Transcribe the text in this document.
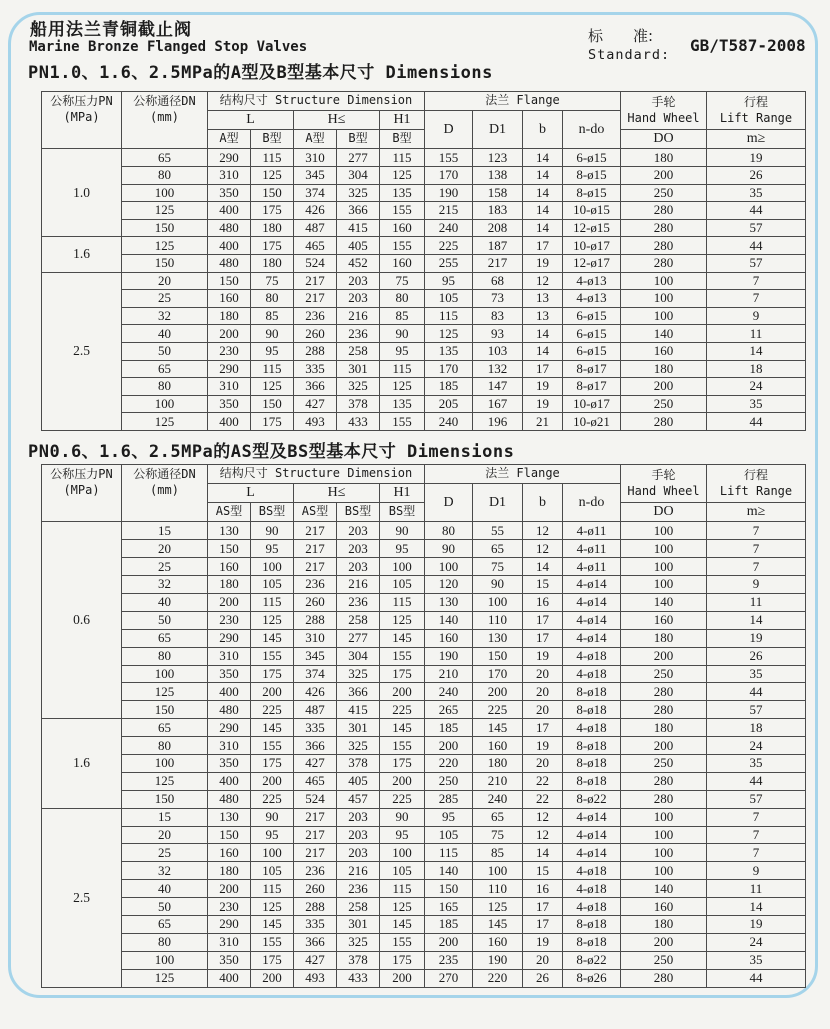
船用法兰青铜截止阀
Marine Bronze Flanged Stop Valves
标　　准:
Standard: GB/T587-2008
PN1.0、1.6、2.5MPa的A型及B型基本尺寸 Dimensions
公称压力PN
(MPa)

公称通径DN
(mm)
	结构尺寸 Structure Dimension	法兰 Flange	手轮
Hand Wheel

行程
Lift Range

		L		H≤		H1	D	D1	b	n-do		
		A型	B型	A型	B型	B型					DO	m≥
1.0	65	290	115	310	277	115	155	123	14	6-ø15	180	19
	80	310	125	345	304	125	170	138	14	8-ø15	200	26
	100	350	150	374	325	135	190	158	14	8-ø15	250	35
	125	400	175	426	366	155	215	183	14	10-ø15	280	44
	150	480	180	487	415	160	240	208	14	12-ø15	280	57
1.6	125	400	175	465	405	155	225	187	17	10-ø17	280	44
	150	480	180	524	452	160	255	217	19	12-ø17	280	57
2.5	20	150	75	217	203	75	95	68	12	4-ø13	100	7
	25	160	80	217	203	80	105	73	13	4-ø13	100	7
	32	180	85	236	216	85	115	83	13	6-ø15	100	9
	40	200	90	260	236	90	125	93	14	6-ø15	140	11
	50	230	95	288	258	95	135	103	14	6-ø15	160	14
	65	290	115	335	301	115	170	132	17	8-ø17	180	18
	80	310	125	366	325	125	185	147	19	8-ø17	200	24
	100	350	150	427	378	135	205	167	19	10-ø17	250	35
	125	400	175	493	433	155	240	196	21	10-ø21	280	44
PN0.6、1.6、2.5MPa的AS型及BS型基本尺寸 Dimensions
公称压力PN
(MPa)

公称通径DN
(mm)
	结构尺寸 Structure Dimension	法兰 Flange	手轮
Hand Wheel

行程
Lift Range

		L		H≤		H1	D	D1	b	n-do		
		AS型	BS型	AS型	BS型	BS型					DO	m≥
0.6	15	130	90	217	203	90	80	55	12	4-ø11	100	7
	20	150	95	217	203	95	90	65	12	4-ø11	100	7
	25	160	100	217	203	100	100	75	14	4-ø11	100	7
	32	180	105	236	216	105	120	90	15	4-ø14	100	9
	40	200	115	260	236	115	130	100	16	4-ø14	140	11
	50	230	125	288	258	125	140	110	17	4-ø14	160	14
	65	290	145	310	277	145	160	130	17	4-ø14	180	19
	80	310	155	345	304	155	190	150	19	4-ø18	200	26
	100	350	175	374	325	175	210	170	20	4-ø18	250	35
	125	400	200	426	366	200	240	200	20	8-ø18	280	44
	150	480	225	487	415	225	265	225	20	8-ø18	280	57
1.6	65	290	145	335	301	145	185	145	17	4-ø18	180	18
	80	310	155	366	325	155	200	160	19	8-ø18	200	24
	100	350	175	427	378	175	220	180	20	8-ø18	250	35
	125	400	200	465	405	200	250	210	22	8-ø18	280	44
	150	480	225	524	457	225	285	240	22	8-ø22	280	57
2.5	15	130	90	217	203	90	95	65	12	4-ø14	100	7
	20	150	95	217	203	95	105	75	12	4-ø14	100	7
	25	160	100	217	203	100	115	85	14	4-ø14	100	7
	32	180	105	236	216	105	140	100	15	4-ø18	100	9
	40	200	115	260	236	115	150	110	16	4-ø18	140	11
	50	230	125	288	258	125	165	125	17	4-ø18	160	14
	65	290	145	335	301	145	185	145	17	8-ø18	180	19
	80	310	155	366	325	155	200	160	19	8-ø18	200	24
	100	350	175	427	378	175	235	190	20	8-ø22	250	35
	125	400	200	493	433	200	270	220	26	8-ø26	280	44
